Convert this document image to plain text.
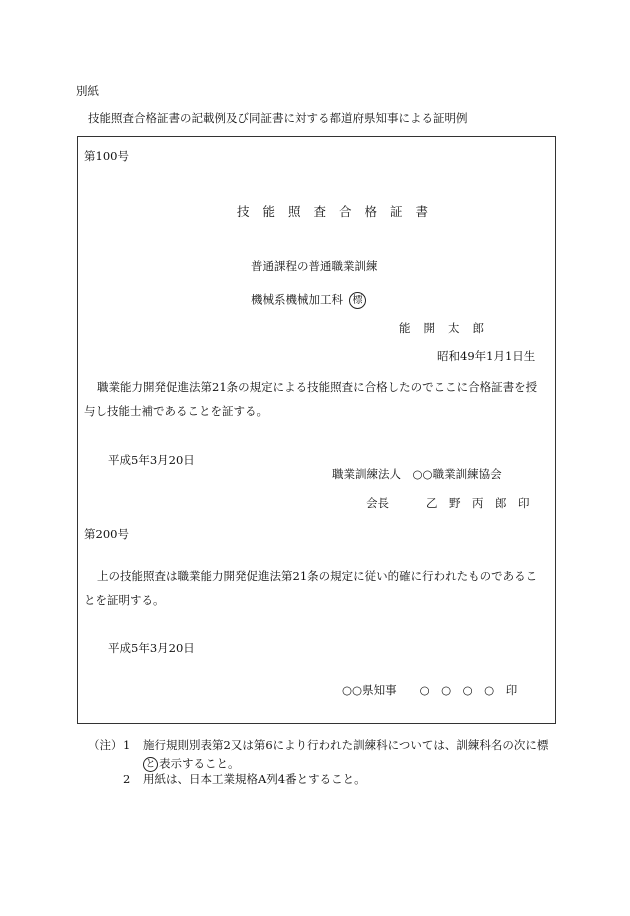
別紙
技能照査合格証書の記載例及び同証書に対する都道府県知事による証明例
第100号
技能照査合格証書
普通課程の普通職業訓練
機械系機械加工科 標
能開太郎
昭和49年1月1日生
職業能力開発促進法第21条の規定による技能照査に合格したのでここに合格証書を授
与し技能士補であることを証する。
平成5年3月20日
職業訓練法人　○○職業訓練協会
会長	乙　野　丙　郎　印
第200号
上の技能照査は職業能力開発促進法第21条の規定に従い的確に行われたものであるこ
とを証明する。
平成5年3月20日
○○県知事　　○　○　○　○　印
（注） 1 施行規則別表第2又は第6により行われた訓練科については、訓練科名の次に標
と 表示すること。
2 用紙は、日本工業規格A列4番とすること。
